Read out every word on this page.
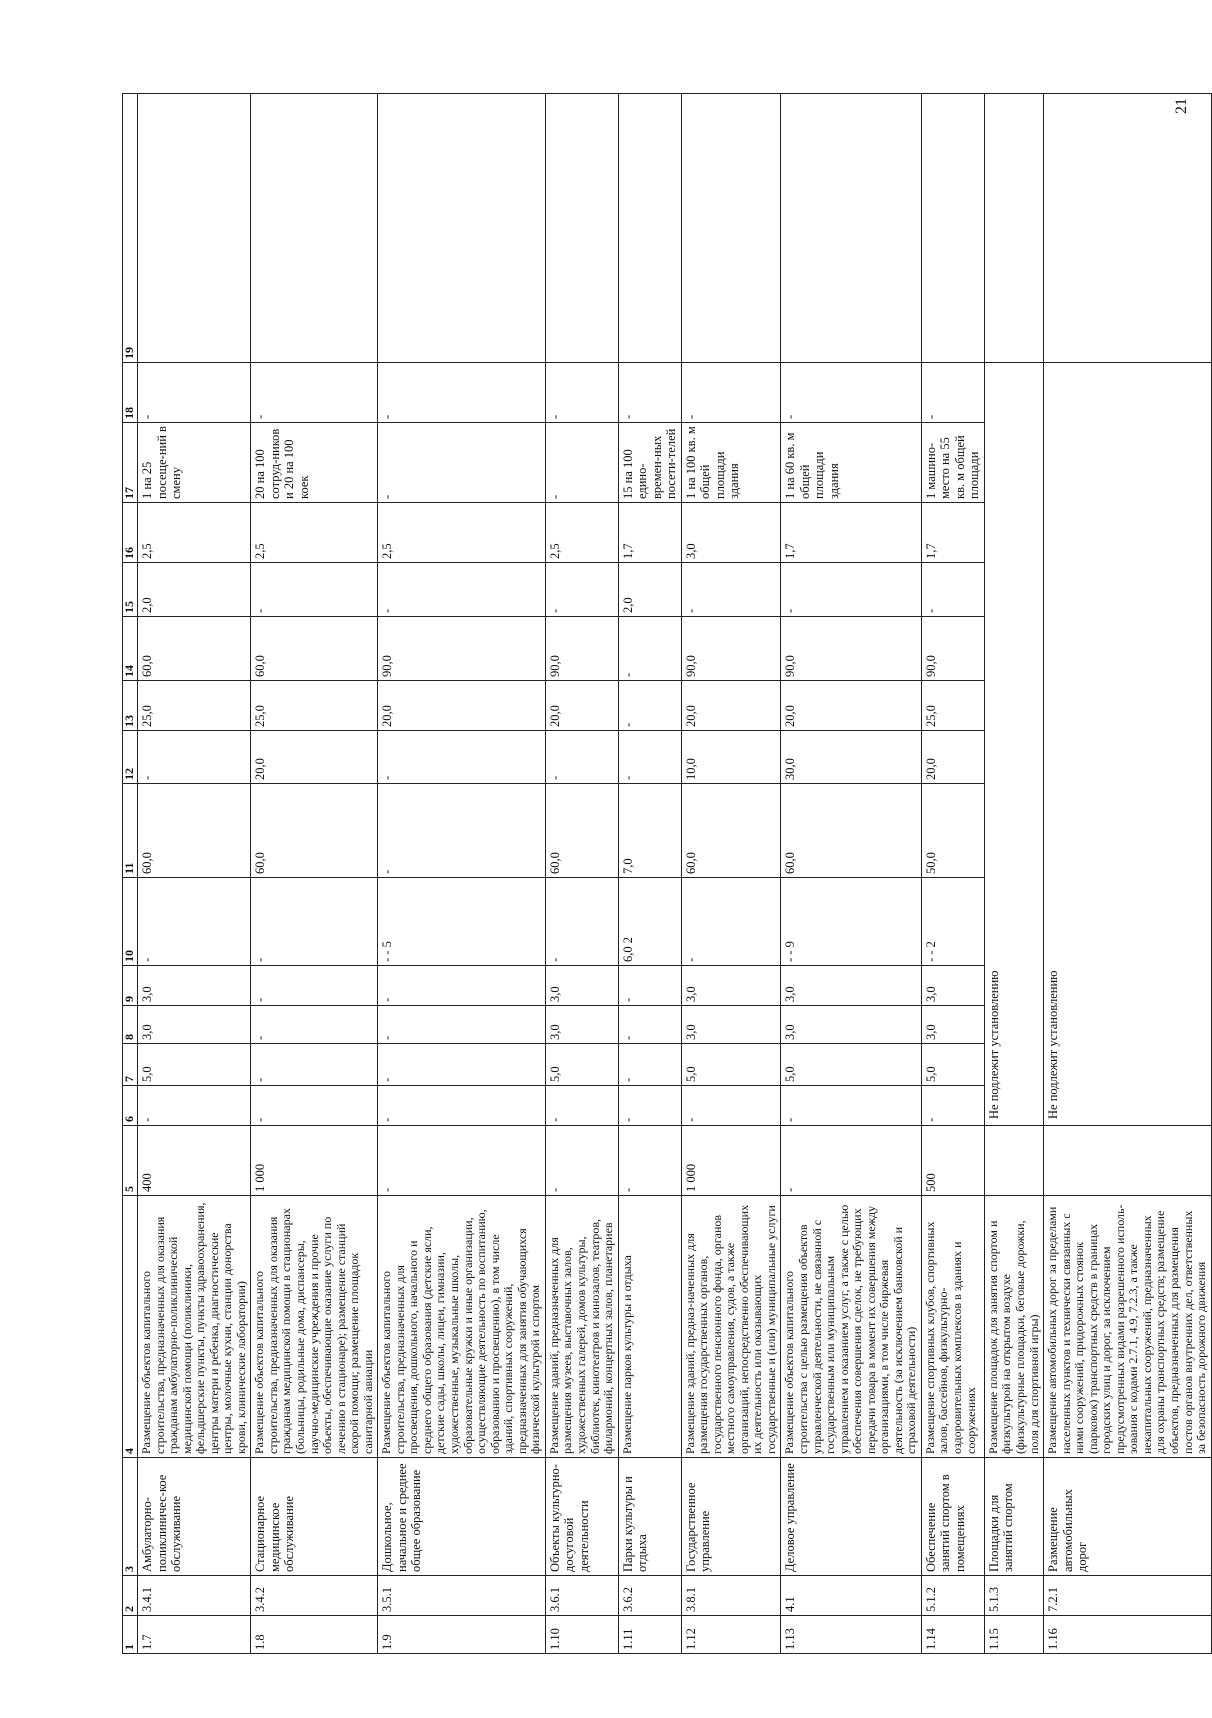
21
1	2	3	4	5	6	7	8	9	10	11	12	13	14	15	16	17	18	19
1.7	3.4.1	Амбулаторно-поликлиничес-кое обслуживание	Размещение объектов капитального строительства, предназначенных для оказания гражданам амбулаторно-поликлинической медицинской помощи (поликлиники, фельдшерские пункты, пункты здравоохранения, центры матери и ребенка, диагностические центры, молочные кухни, станции донорства крови, клинические лаборатории)	400	-	5,0	3,0	3,0	-	60,0	-	25,0	60,0	2,0	2,5	1 на 25 посеще-ний в смену	-	
1.8	3.4.2	Стационарное медицинское обслуживание	Размещение объектов капитального строительства, предназначенных для оказания гражданам медицинской помощи в стационарах (больницы, родильные дома, диспансеры, научно-медицинские учреждения и прочие объекты, обеспечивающие оказание услуги по лечению в стационаре); размещение станций скорой помощи; размещение площадок санитарной авиации	1 000	-	-	-	-	-	60,0	20,0	25,0	60,0	-	2,5	20 на 100 сотруд-ников и 20 на 100 коек	-	
1.9	3.5.1	Дошкольное, начальное и среднее общее образование	Размещение объектов капитального строительства, предназначенных для просвещения, дошкольного, начального и среднего общего образования (детские ясли, детские сады, школы, лицеи, гимназии, художественные, музыкальные школы, образовательные кружки и иные организации, осуществляющие деятельность по воспитанию, образованию и просвещению), в том числе зданий, спортивных сооружений, предназначенных для занятия обучающихся физической культурой и спортом	-	-	-	-	-	- - 5	-	-	20,0	90,0	-	2,5	-	-	
1.10	3.6.1	Объекты культурно-досуговой деятельности	Размещение зданий, предназначенных для размещения музеев, выставочных залов, художественных галерей, домов культуры, библиотек, кинотеатров и кинозалов, театров, филармоний, концертных залов, планетариев	-	-	5,0	3,0	3,0	-	60,0	-	20,0	90,0	-	2,5	-	-	
1.11	3.6.2	Парки культуры и отдыха	Размещение парков культуры и отдыха	-	-	-	-	-	6,0 2	7,0	-	-	-	2,0	1,7	15 на 100 едино-времен-ных посети-телей	-	
1.12	3.8.1	Государственное управление	Размещение зданий, предназ-наченных для размещения государственных органов, государственного пенсионного фонда, органов местного самоуправления, судов, а также организаций, непосредственно обеспечивающих их деятельность или оказывающих государственные и (или) муниципальные услуги	1 000	-	5,0	3,0	3,0	-	60,0	10,0	20,0	90,0	-	3,0	1 на 100 кв. м общей площади здания	-	
1.13	4.1	Деловое управление	Размещение объектов капитального строительства с целью размещения объектов управленческой деятельности, не связанной с государственным или муниципальным управлением и оказанием услуг, а также с целью обеспечения совершения сделок, не требующих передачи товара в момент их совершения между организациями, в том числе биржевая деятельность (за исключением банковской и страховой деятельности)	-	-	5,0	3,0	3,0	- - 9	60,0	30,0	20,0	90,0	-	1,7	1 на 60 кв. м общей площади здания	-	
1.14	5.1.2	Обеспечение занятий спортом в помещениях	Размещение спортивных клубов, спортивных залов, бассейнов, физкультурно-оздоровительных комплексов в зданиях и сооружениях	500	-	5,0	3,0	3,0	- - 2	50,0	20,0	25,0	90,0	-	1,7	1 машино-место на 55 кв. м общей площади	-	
1.15	5.1.3	Площадки для занятий спортом	Размещение площадок для занятия спортом и физкультурой на открытом воздухе (физкультурные площадки, беговые дорожки, поля для спортивной игры)		Не подлежит установлению													
1.16	7.2.1	Размещение автомобильных дорог	Размещение автомобильных дорог за пределами населенных пунктов и технически связанных с ними сооружений, придорожных стоянок (парковок) транспортных средств в границах городских улиц и дорог, за исключением предусмотренных видами разрешенного исполь-зования с кодами 2.7.1, 4.9, 7.2.3, а также некапитальных сооружений, предназначенных для охраны транспортных средств; размещение объектов, предназначенных для размещения постов органов внутренних дел, ответственных за безопасность дорожного движения		Не подлежит установлению													
